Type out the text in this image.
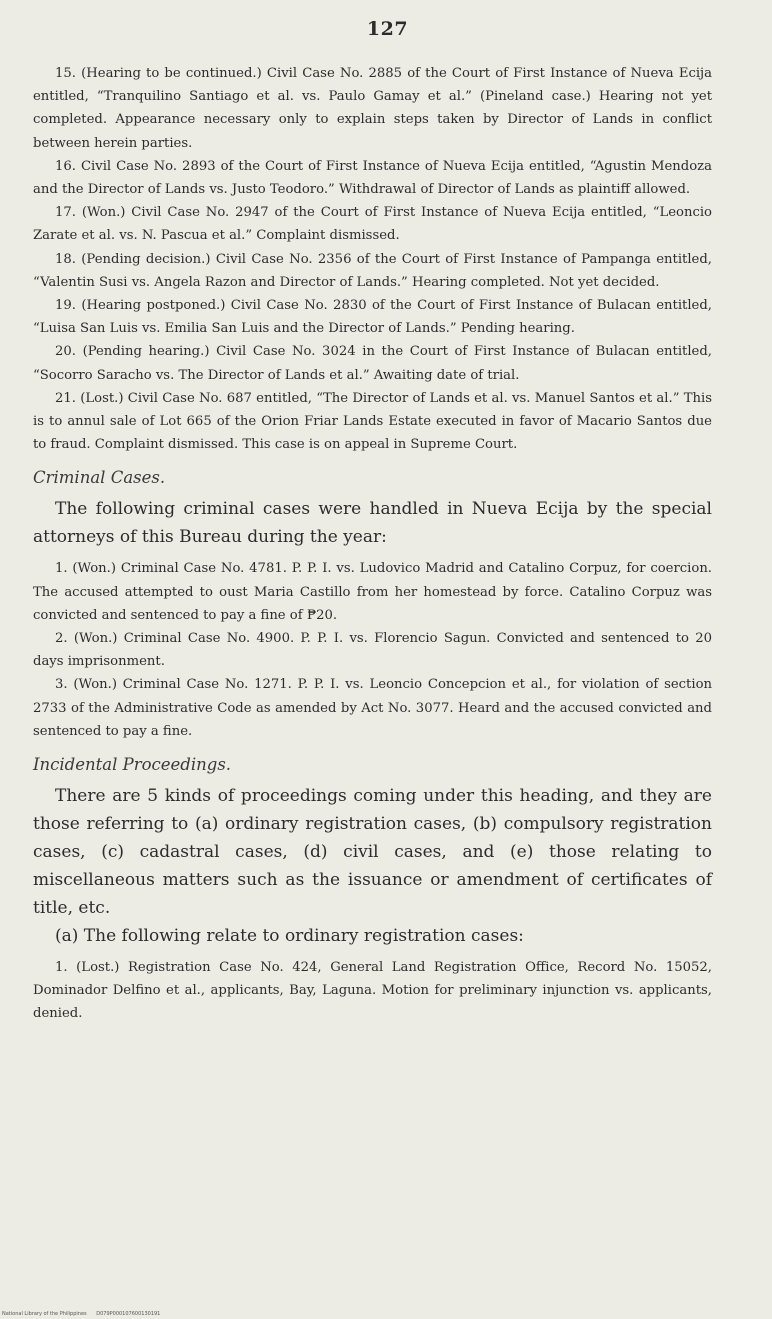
127

15. (Hearing to be continued.) Civil Case No. 2885 of the Court of First Instance of Nueva Ecija entitled, “Tranquilino Santiago et al. vs. Paulo Gamay et al.” (Pineland case.) Hearing not yet completed. Appearance necessary only to explain steps taken by Director of Lands in conflict between herein parties.

16. Civil Case No. 2893 of the Court of First Instance of Nueva Ecija entitled, “Agustin Mendoza and the Director of Lands vs. Justo Teodoro.” Withdrawal of Director of Lands as plaintiff allowed.

17. (Won.) Civil Case No. 2947 of the Court of First Instance of Nueva Ecija entitled, “Leoncio Zarate et al. vs. N. Pascua et al.” Complaint dismissed.

18. (Pending decision.) Civil Case No. 2356 of the Court of First Instance of Pampanga entitled, “Valentin Susi vs. Angela Razon and Director of Lands.” Hearing completed. Not yet decided.

19. (Hearing postponed.) Civil Case No. 2830 of the Court of First Instance of Bulacan entitled, “Luisa San Luis vs. Emilia San Luis and the Director of Lands.” Pending hearing.

20. (Pending hearing.) Civil Case No. 3024 in the Court of First Instance of Bulacan entitled, “Socorro Saracho vs. The Director of Lands et al.” Awaiting date of trial.

21. (Lost.) Civil Case No. 687 entitled, “The Director of Lands et al. vs. Manuel Santos et al.” This is to annul sale of Lot 665 of the Orion Friar Lands Estate executed in favor of Macario Santos due to fraud. Complaint dismissed. This case is on appeal in Supreme Court.

Criminal Cases.

The following criminal cases were handled in Nueva Ecija by the special attorneys of this Bureau during the year:

1. (Won.) Criminal Case No. 4781. P. P. I. vs. Ludovico Madrid and Catalino Corpuz, for coercion. The accused attempted to oust Maria Castillo from her homestead by force. Catalino Corpuz was convicted and sentenced to pay a fine of ₱20.

2. (Won.) Criminal Case No. 4900. P. P. I. vs. Florencio Sagun. Convicted and sentenced to 20 days imprisonment.

3. (Won.) Criminal Case No. 1271. P. P. I. vs. Leoncio Concepcion et al., for violation of section 2733 of the Administrative Code as amended by Act No. 3077. Heard and the accused convicted and sentenced to pay a fine.

Incidental Proceedings.

There are 5 kinds of proceedings coming under this heading, and they are those referring to (a) ordinary registration cases, (b) compulsory registration cases, (c) cadastral cases, (d) civil cases, and (e) those relating to miscellaneous matters such as the issuance or amendment of certificates of title, etc.

(a) The following relate to ordinary registration cases:

1. (Lost.) Registration Case No. 424, General Land Registration Office, Record No. 15052, Dominador Delfino et al., applicants, Bay, Laguna. Motion for preliminary injunction vs. applicants, denied.

National Library of the Philippines D079P000107600130191
